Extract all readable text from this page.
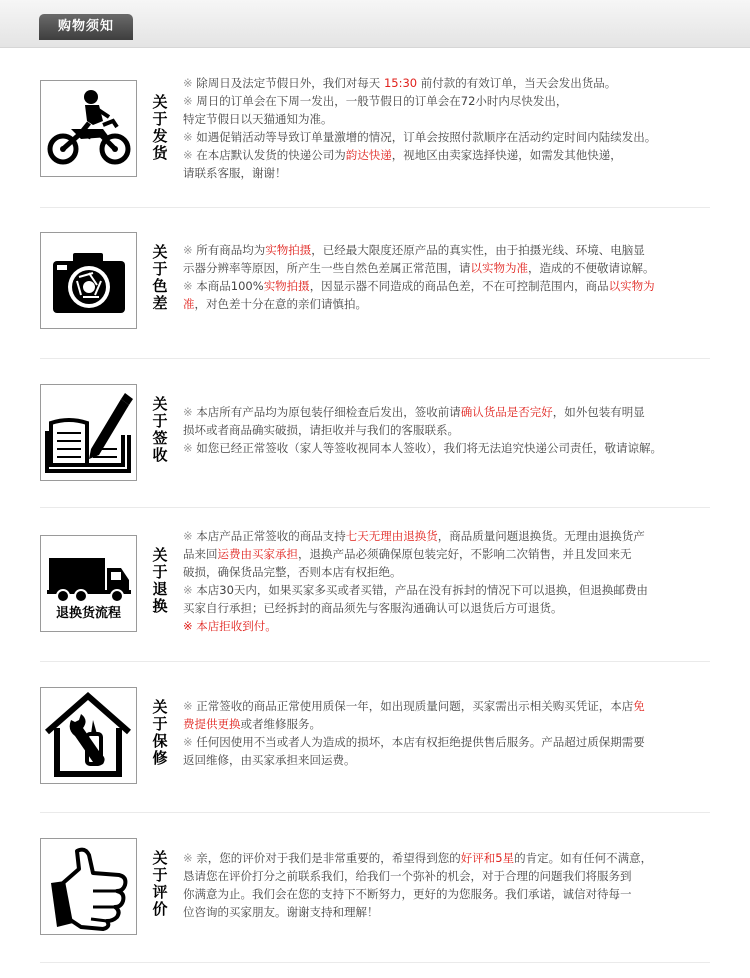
购物须知
关
于
发
货
※ 除周日及法定节假日外，我们对每天 15:30 前付款的有效订单，当天会发出货品。
※ 周日的订单会在下周一发出，一般节假日的订单会在72小时内尽快发出，
特定节假日以天猫通知为准。
※ 如遇促销活动等导致订单量激增的情况，订单会按照付款顺序在活动约定时间内陆续发出。
※ 在本店默认发货的快递公司为韵达快递，视地区由卖家选择快递，如需发其他快递，
请联系客服，谢谢！
关
于
色
差
※ 所有商品均为实物拍摄，已经最大限度还原产品的真实性，由于拍摄光线、环境、电脑显
示器分辨率等原因，所产生一些自然色差属正常范围，请以实物为准，造成的不便敬请谅解。
※ 本商品100%实物拍摄，因显示器不同造成的商品色差，不在可控制范围内，商品以实物为
准，对色差十分在意的亲们请慎拍。
关
于
签
收
※ 本店所有产品均为原包装仔细检查后发出，签收前请确认货品是否完好，如外包装有明显
损坏或者商品确实破损，请拒收并与我们的客服联系。
※ 如您已经正常签收（家人等签收视同本人签收），我们将无法追究快递公司责任，敬请谅解。
退换货流程
关
于
退
换
※ 本店产品正常签收的商品支持七天无理由退换货，商品质量问题退换货。无理由退换货产
品来回运费由买家承担，退换产品必须确保原包装完好，不影响二次销售，并且发回来无
破损，确保货品完整，否则本店有权拒绝。
※ 本店30天内，如果买家多买或者买错，产品在没有拆封的情况下可以退换，但退换邮费由
买家自行承担；已经拆封的商品须先与客服沟通确认可以退货后方可退货。
※ 本店拒收到付。
关
于
保
修
※ 正常签收的商品正常使用质保一年，如出现质量问题，买家需出示相关购买凭证，本店免
费提供更换或者维修服务。
※ 任何因使用不当或者人为造成的损坏，本店有权拒绝提供售后服务。产品超过质保期需要
返回维修，由买家承担来回运费。
关
于
评
价
※ 亲，您的评价对于我们是非常重要的，希望得到您的好评和5星的肯定。如有任何不满意，
恳请您在评价打分之前联系我们，给我们一个弥补的机会，对于合理的问题我们将服务到
你满意为止。我们会在您的支持下不断努力，更好的为您服务。我们承诺，诚信对待每一
位咨询的买家朋友。谢谢支持和理解！
